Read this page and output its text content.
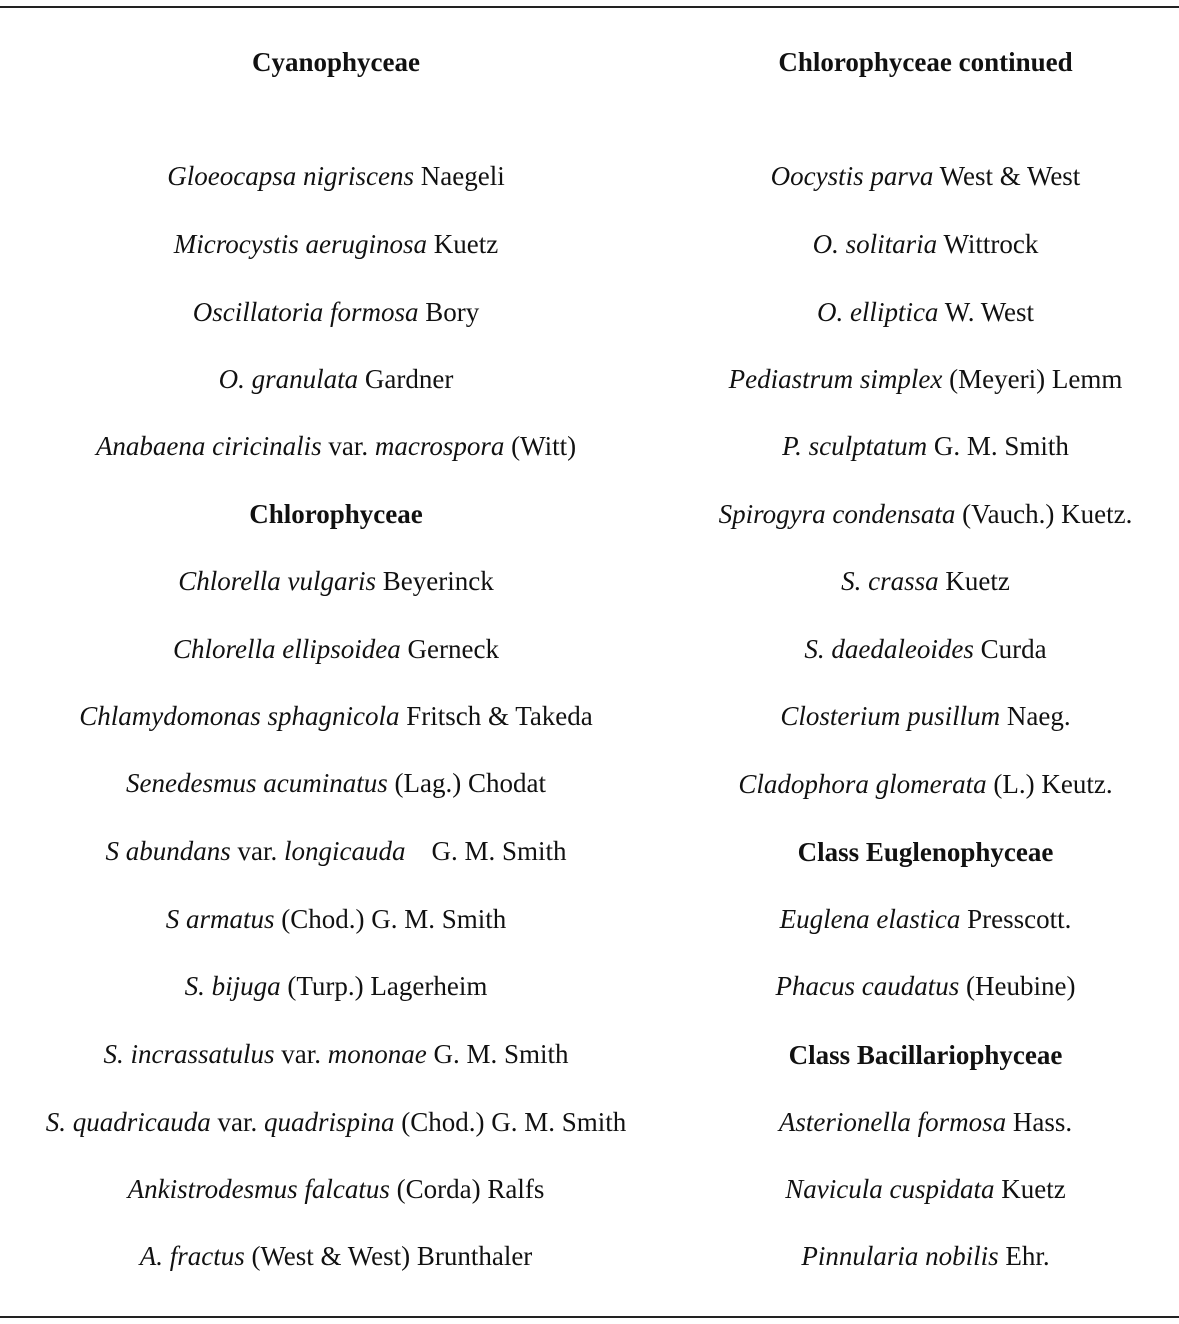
Cyanophyceae
Gloeocapsa nigriscens Naegeli
Microcystis aeruginosa Kuetz
Oscillatoria formosa Bory
O. granulata Gardner
Anabaena ciricinalis var. macrospora (Witt)
Chlorophyceae
Chlorella vulgaris Beyerinck
Chlorella ellipsoidea Gerneck
Chlamydomonas sphagnicola Fritsch & Takeda
Senedesmus acuminatus (Lag.) Chodat
S abundans var. longicauda G. M. Smith
S armatus (Chod.) G. M. Smith
S. bijuga (Turp.) Lagerheim
S. incrassatulus var. mononae G. M. Smith
S. quadricauda var. quadrispina (Chod.) G. M. Smith
Ankistrodesmus falcatus (Corda) Ralfs
A. fractus (West & West) Brunthaler
Chlorophyceae continued
Oocystis parva West & West
O. solitaria Wittrock
O. elliptica W. West
Pediastrum simplex (Meyeri) Lemm
P. sculptatum G. M. Smith
Spirogyra condensata (Vauch.) Kuetz.
S. crassa Kuetz
S. daedaleoides Curda
Closterium pusillum Naeg.
Cladophora glomerata (L.) Keutz.
Class Euglenophyceae
Euglena elastica Presscott.
Phacus caudatus (Heubine)
Class Bacillariophyceae
Asterionella formosa Hass.
Navicula cuspidata Kuetz
Pinnularia nobilis Ehr.
